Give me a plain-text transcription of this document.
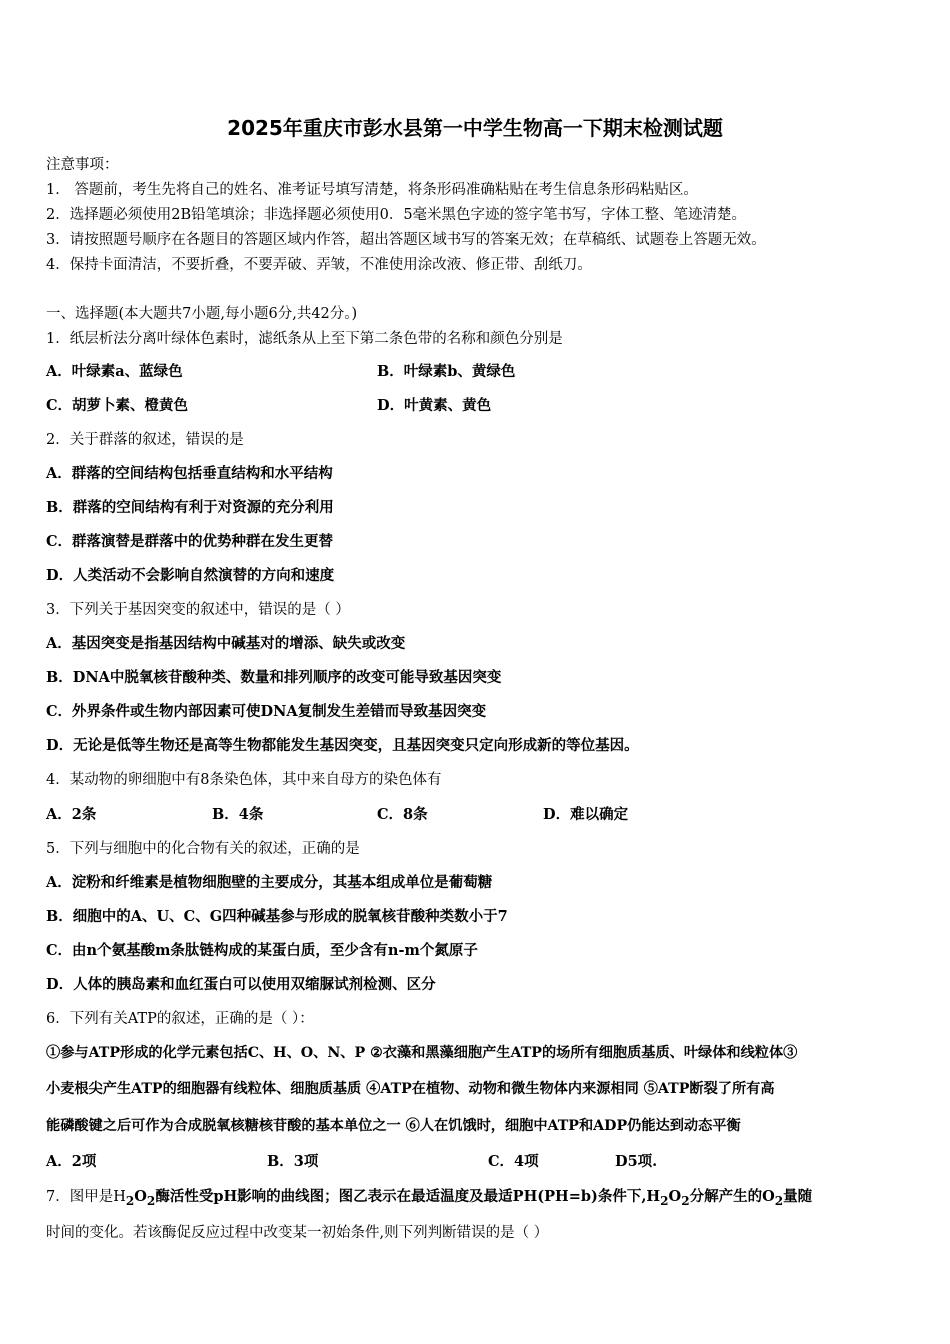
2025年重庆市彭水县第一中学生物高一下期末检测试题
注意事项：
1． 答题前，考生先将自己的姓名、准考证号填写清楚，将条形码准确粘贴在考生信息条形码粘贴区。
2．选择题必须使用2B铅笔填涂；非选择题必须使用0．5毫米黑色字迹的签字笔书写，字体工整、笔迹清楚。
3．请按照题号顺序在各题目的答题区域内作答，超出答题区域书写的答案无效；在草稿纸、试题卷上答题无效。
4．保持卡面清洁，不要折叠，不要弄破、弄皱，不准使用涂改液、修正带、刮纸刀。
一、选择题(本大题共7小题,每小题6分,共42分。)
1．纸层析法分离叶绿体色素时，滤纸条从上至下第二条色带的名称和颜色分别是
A．叶绿素a、蓝绿色	B．叶绿素b、黄绿色
C．胡萝卜素、橙黄色	D．叶黄素、黄色
2．关于群落的叙述，错误的是
A．群落的空间结构包括垂直结构和水平结构
B．群落的空间结构有利于对资源的充分利用
C．群落演替是群落中的优势种群在发生更替
D．人类活动不会影响自然演替的方向和速度
3．下列关于基因突变的叙述中，错误的是（ ）
A．基因突变是指基因结构中碱基对的增添、缺失或改变
B．DNA中脱氧核苷酸种类、数量和排列顺序的改变可能导致基因突变
C．外界条件或生物内部因素可使DNA复制发生差错而导致基因突变
D．无论是低等生物还是高等生物都能发生基因突变，且基因突变只定向形成新的等位基因。
4．某动物的卵细胞中有8条染色体，其中来自母方的染色体有
A．2条	B．4条	C．8条	D．难以确定
5．下列与细胞中的化合物有关的叙述，正确的是
A．淀粉和纤维素是植物细胞壁的主要成分，其基本组成单位是葡萄糖
B．细胞中的A、U、C、G四种碱基参与形成的脱氧核苷酸种类数小于7
C．由n个氨基酸m条肽链构成的某蛋白质，至少含有n-m个氮原子
D．人体的胰岛素和血红蛋白可以使用双缩脲试剂检测、区分
6．下列有关ATP的叙述，正确的是（ ）：
①参与ATP形成的化学元素包括C、H、O、N、P ②衣藻和黑藻细胞产生ATP的场所有细胞质基质、叶绿体和线粒体③
小麦根尖产生ATP的细胞器有线粒体、细胞质基质 ④ATP在植物、动物和微生物体内来源相同 ⑤ATP断裂了所有高
能磷酸键之后可作为合成脱氧核糖核苷酸的基本单位之一 ⑥人在饥饿时，细胞中ATP和ADP仍能达到动态平衡
A．2项	B．3项	C．4项	D5项.
7．图甲是$H_2O_2$酶活性受pH影响的曲线图；图乙表示在最适温度及最适PH(PH=b)条件下$,H_2O_2$分解产生的$O_2$量随
时间的变化。若该酶促反应过程中改变某一初始条件,则下列判断错误的是（ ）
